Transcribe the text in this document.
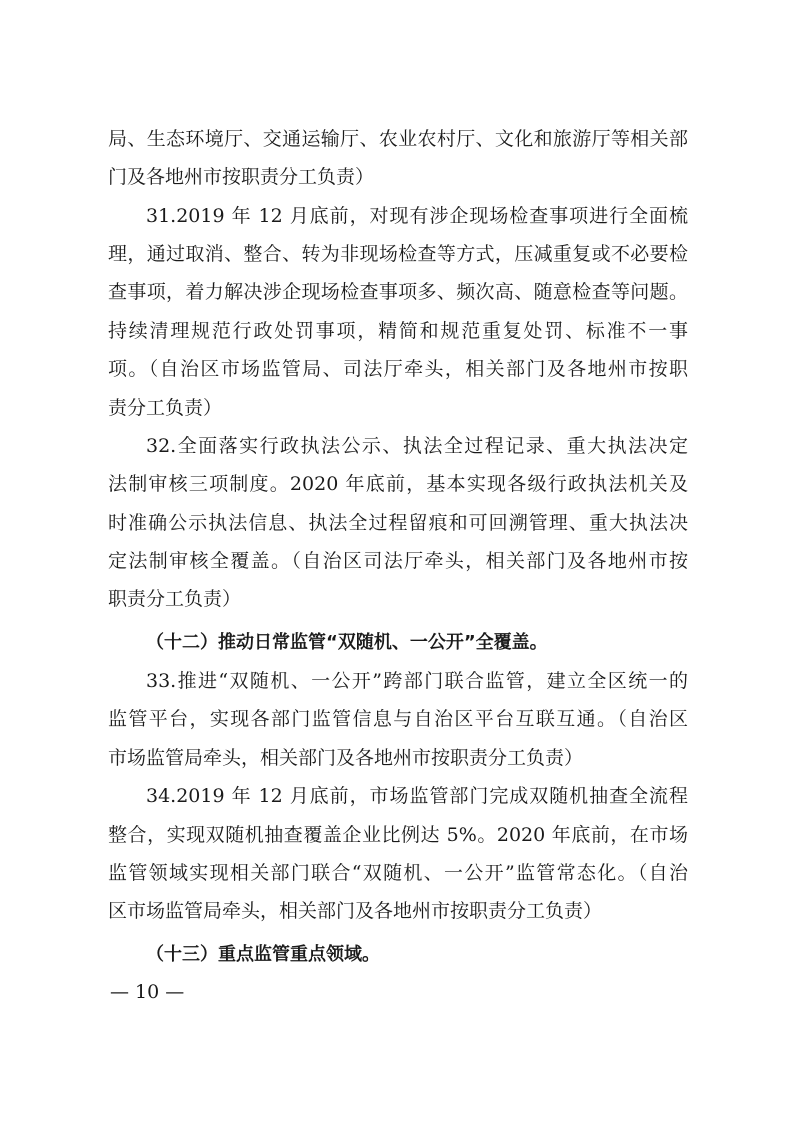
局、生态环境厅、交通运输厅、农业农村厅、文化和旅游厅等相关部
门及各地州市按职责分工负责）
31.2019 年 12 月底前，对现有涉企现场检查事项进行全面梳
理，通过取消、整合、转为非现场检查等方式，压减重复或不必要检
查事项，着力解决涉企现场检查事项多、频次高、随意检查等问题。
持续清理规范行政处罚事项，精简和规范重复处罚、标准不一事
项。（自治区市场监管局、司法厅牵头，相关部门及各地州市按职
责分工负责）
32.全面落实行政执法公示、执法全过程记录、重大执法决定
法制审核三项制度。2020 年底前，基本实现各级行政执法机关及
时准确公示执法信息、执法全过程留痕和可回溯管理、重大执法决
定法制审核全覆盖。（自治区司法厅牵头，相关部门及各地州市按
职责分工负责）
（十二）推动日常监管“双随机、一公开”全覆盖。
33.推进“双随机、一公开”跨部门联合监管，建立全区统一的
监管平台，实现各部门监管信息与自治区平台互联互通。（自治区
市场监管局牵头，相关部门及各地州市按职责分工负责）
34.2019 年 12 月底前，市场监管部门完成双随机抽查全流程
整合，实现双随机抽查覆盖企业比例达 5%。2020 年底前，在市场
监管领域实现相关部门联合“双随机、一公开”监管常态化。（自治
区市场监管局牵头，相关部门及各地州市按职责分工负责）
（十三）重点监管重点领域。
— 10 —
